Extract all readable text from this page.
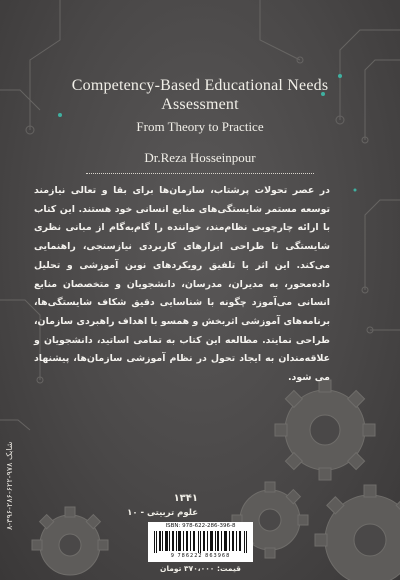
Competency-Based Educational Needs Assessment
From Theory to Practice
Dr.Reza Hosseinpour

در عصر تحولات پرشتاب، سازمان‌ها برای بقا و تعالی نیازمند توسعه مستمر شایستگی‌های منابع انسانی خود هستند. این کتاب با ارائه چارچوبی نظام‌مند، خواننده را گام‌به‌گام از مبانی نظری شایستگی تا طراحی ابزارهای کاربردی نیازسنجی، راهنمایی می‌کند. این اثر با تلفیق رویکردهای نوین آموزشی و تحلیل داده‌محور، به مدیران، مدرسان، دانشجویان و متخصصان منابع انسانی می‌آموزد چگونه با شناسایی دقیق شکاف شایستگی‌ها، برنامه‌های آموزشی اثربخش و همسو با اهداف راهبردی سازمان، طراحی نمایند. مطالعه این کتاب به تمامی اساتید، دانشجویان و علاقه‌مندان به ایجاد تحول در نظام آموزشی سازمان‌ها، پیشنهاد می شود.

شابک ۹۷۸-۶۲۲-۲۸۶-۳۹۶-۸
۱۳۴۱
علوم تربیتی - ۱۰
ISBN: 978-622-286-396-8
9 786222 863968
قیمت: ۳۷۰،۰۰۰ تومان
